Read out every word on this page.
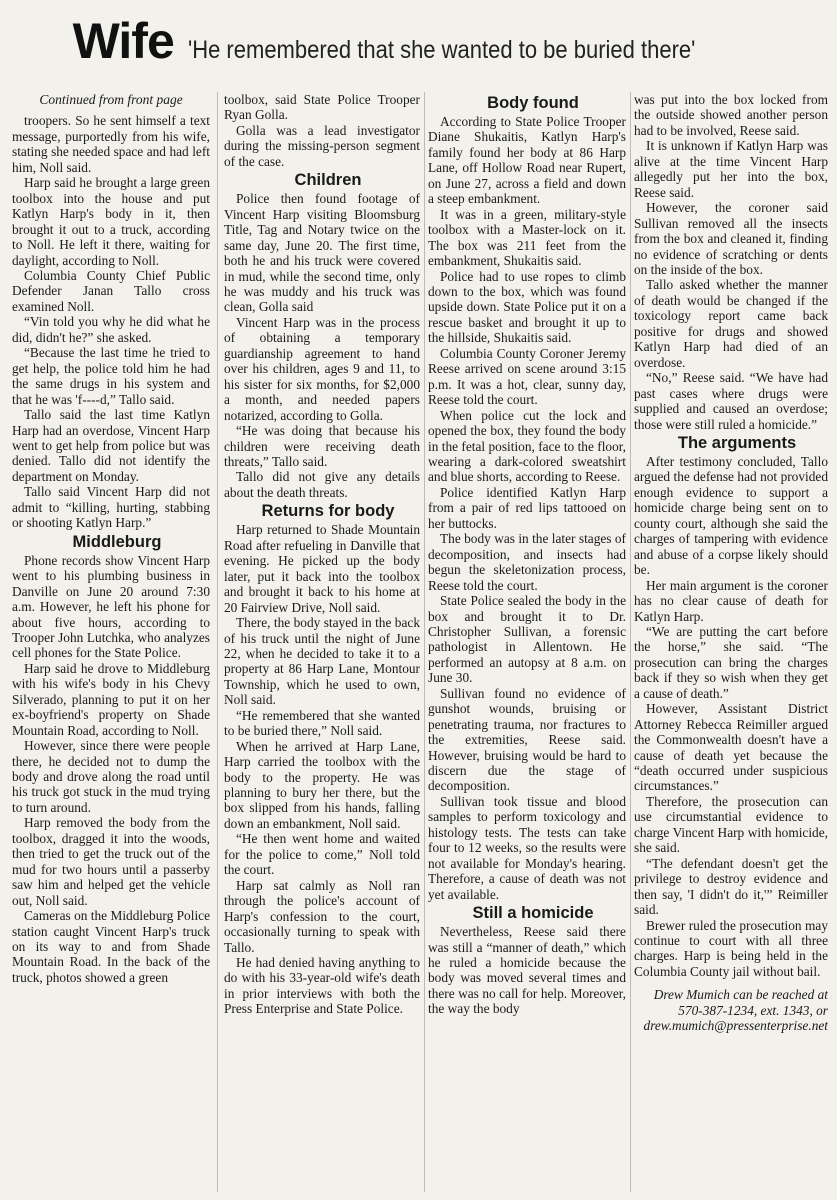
Wife 'He remembered that she wanted to be buried there'

Continued from front page

troopers. So he sent himself a text message, purportedly from his wife, stating she needed space and had left him, Noll said.

Harp said he brought a large green toolbox into the house and put Katlyn Harp's body in it, then brought it out to a truck, according to Noll. He left it there, waiting for daylight, according to Noll.

Columbia County Chief Public Defender Janan Tallo cross examined Noll.

“Vin told you why he did what he did, didn't he?” she asked.

“Because the last time he tried to get help, the police told him he had the same drugs in his system and that he was 'f----d,” Tallo said.

Tallo said the last time Katlyn Harp had an overdose, Vincent Harp went to get help from police but was denied. Tallo did not identify the department on Monday.

Tallo said Vincent Harp did not admit to “killing, hurting, stabbing or shooting Katlyn Harp.”

Middleburg

Phone records show Vincent Harp went to his plumbing business in Danville on June 20 around 7:30 a.m. However, he left his phone for about five hours, according to Trooper John Lutchka, who analyzes cell phones for the State Police.

Harp said he drove to Middleburg with his wife's body in his Chevy Silverado, planning to put it on her ex-boyfriend's property on Shade Mountain Road, according to Noll.

However, since there were people there, he decided not to dump the body and drove along the road until his truck got stuck in the mud trying to turn around.

Harp removed the body from the toolbox, dragged it into the woods, then tried to get the truck out of the mud for two hours until a passerby saw him and helped get the vehicle out, Noll said.

Cameras on the Middleburg Police station caught Vincent Harp's truck on its way to and from Shade Mountain Road. In the back of the truck, photos showed a green

toolbox, said State Police Trooper Ryan Golla.

Golla was a lead investigator during the missing-person segment of the case.

Children

Police then found footage of Vincent Harp visiting Bloomsburg Title, Tag and Notary twice on the same day, June 20. The first time, both he and his truck were covered in mud, while the second time, only he was muddy and his truck was clean, Golla said

Vincent Harp was in the process of obtaining a temporary guardianship agreement to hand over his children, ages 9 and 11, to his sister for six months, for $2,000 a month, and needed papers notarized, according to Golla.

“He was doing that because his children were receiving death threats,” Tallo said.

Tallo did not give any details about the death threats.

Returns for body

Harp returned to Shade Mountain Road after refueling in Danville that evening. He picked up the body later, put it back into the toolbox and brought it back to his home at 20 Fairview Drive, Noll said.

There, the body stayed in the back of his truck until the night of June 22, when he decided to take it to a property at 86 Harp Lane, Montour Township, which he used to own, Noll said.

“He remembered that she wanted to be buried there,” Noll said.

When he arrived at Harp Lane, Harp carried the toolbox with the body to the property. He was planning to bury her there, but the box slipped from his hands, falling down an embankment, Noll said.

“He then went home and waited for the police to come,” Noll told the court.

Harp sat calmly as Noll ran through the police's account of Harp's confession to the court, occasionally turning to speak with Tallo.

He had denied having anything to do with his 33-year-old wife's death in prior interviews with both the Press Enterprise and State Police.

Body found

According to State Police Trooper Diane Shukaitis, Katlyn Harp's family found her body at 86 Harp Lane, off Hollow Road near Rupert, on June 27, across a field and down a steep embankment.

It was in a green, military-style toolbox with a Master-lock on it. The box was 211 feet from the embankment, Shukaitis said.

Police had to use ropes to climb down to the box, which was found upside down. State Police put it on a rescue basket and brought it up to the hillside, Shukaitis said.

Columbia County Coroner Jeremy Reese arrived on scene around 3:15 p.m. It was a hot, clear, sunny day, Reese told the court.

When police cut the lock and opened the box, they found the body in the fetal position, face to the floor, wearing a dark-colored sweatshirt and blue shorts, according to Reese.

Police identified Katlyn Harp from a pair of red lips tattooed on her buttocks.

The body was in the later stages of decomposition, and insects had begun the skeletonization process, Reese told the court.

State Police sealed the body in the box and brought it to Dr. Christopher Sullivan, a forensic pathologist in Allentown. He performed an autopsy at 8 a.m. on June 30.

Sullivan found no evidence of gunshot wounds, bruising or penetrating trauma, nor fractures to the extremities, Reese said. However, bruising would be hard to discern due the stage of decomposition.

Sullivan took tissue and blood samples to perform toxicology and histology tests. The tests can take four to 12 weeks, so the results were not available for Monday's hearing. Therefore, a cause of death was not yet available.

Still a homicide

Nevertheless, Reese said there was still a “manner of death,” which he ruled a homicide because the body was moved several times and there was no call for help. Moreover, the way the body

was put into the box locked from the outside showed another person had to be involved, Reese said.

It is unknown if Katlyn Harp was alive at the time Vincent Harp allegedly put her into the box, Reese said.

However, the coroner said Sullivan removed all the insects from the box and cleaned it, finding no evidence of scratching or dents on the inside of the box.

Tallo asked whether the manner of death would be changed if the toxicology report came back positive for drugs and showed Katlyn Harp had died of an overdose.

“No,” Reese said. “We have had past cases where drugs were supplied and caused an overdose; those were still ruled a homicide.”

The arguments

After testimony concluded, Tallo argued the defense had not provided enough evidence to support a homicide charge being sent on to county court, although she said the charges of tampering with evidence and abuse of a corpse likely should be.

Her main argument is the coroner has no clear cause of death for Katlyn Harp.

“We are putting the cart before the horse,” she said. “The prosecution can bring the charges back if they so wish when they get a cause of death.”

However, Assistant District Attorney Rebecca Reimiller argued the Commonwealth doesn't have a cause of death yet because the “death occurred under suspicious circumstances.”

Therefore, the prosecution can use circumstantial evidence to charge Vincent Harp with homicide, she said.

“The defendant doesn't get the privilege to destroy evidence and then say, 'I didn't do it,'” Reimiller said.

Brewer ruled the prosecution may continue to court with all three charges. Harp is being held in the Columbia County jail without bail.

Drew Mumich can be reached at 570-387-1234, ext. 1343, or drew.mumich@pressenterprise.net
